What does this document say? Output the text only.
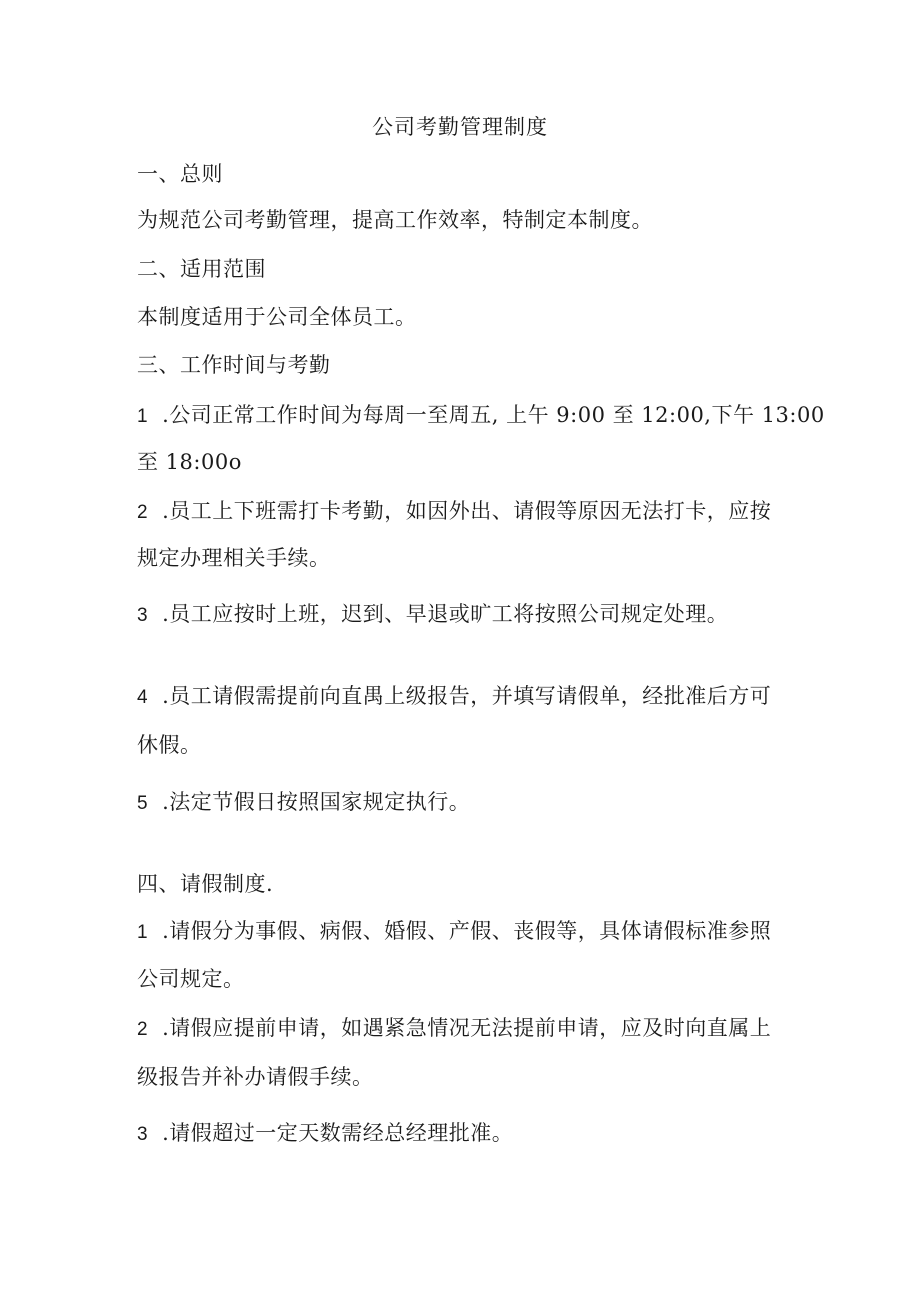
公司考勤管理制度
一、总则
为规范公司考勤管理，提高工作效率，特制定本制度。
二、适用范围
本制度适用于公司全体员工。
三、工作时间与考勤
1 .公司正常工作时间为每周一至周五, 上午 9:00 至 12:00,下午 13:00
至 18:00o
2 .员工上下班需打卡考勤，如因外出、请假等原因无法打卡，应按
规定办理相关手续。
3 .员工应按时上班，迟到、早退或旷工将按照公司规定处理。
4 .员工请假需提前向直禺上级报告，并填写请假单，经批准后方可
休假。
5 .法定节假日按照国家规定执行。
四、请假制度.
1 .请假分为事假、病假、婚假、产假、丧假等，具体请假标准参照
公司规定。
2 .请假应提前申请，如遇紧急情况无法提前申请，应及时向直属上
级报告并补办请假手续。
3 .请假超过一定天数需经总经理批准。
